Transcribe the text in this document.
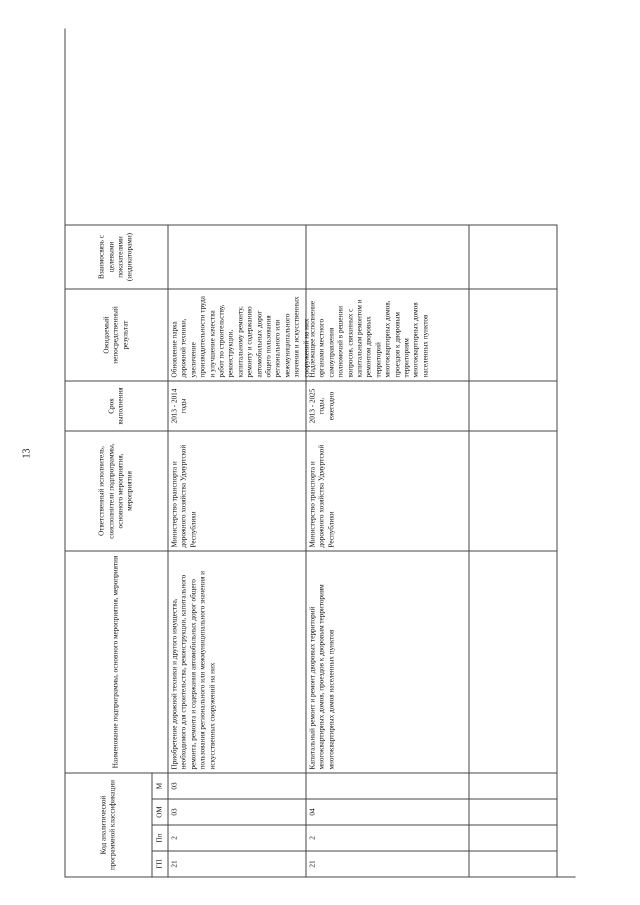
13
Код аналитической программной классификации
Наименование подпрограммы, основного мероприятия, мероприятия
Ответственный исполнитель, соисполнители подпрограммы, основного мероприятия, мероприятия
Срок выполнения
Ожидаемый непосредственный результат
Взаимосвязь с целевыми показателями (индикаторами)
ГП
Пп
ОМ
М
21
2
03
03
Приобретение дорожной техники и другого имущества, необходимого для строительства, реконструкции, капитального ремонта, ремонта и содержания автомобильных дорог общего пользования регионального или межмуниципального значения и искусственных сооружений на них
Министерство транспорта и дорожного хозяйства Удмуртской Республики
2013 - 2014 годы
Обновление парка дорожной техники, увеличение производительности труда и улучшение качества работ по строительству, реконструкции, капитальному ремонту, ремонту и содержанию автомобильных дорог общего пользования регионального или межмуниципального значения и искусственных сооружений на них
21
2
04
Капитальный ремонт и ремонт дворовых территорий многоквартирных домов, проездов к дворовым территориям многоквартирных домов населенных пунктов
Министерство транспорта и дорожного хозяйства Удмуртской Республики
2013 - 2025 годы, ежегодно
Надлежащее исполнение органами местного самоуправления полномочий в решении вопросов, связанных с капитальным ремонтом и ремонтом дворовых территорий многоквартирных домов, проездов к дворовым территориям многоквартирных домов населенных пунктов
